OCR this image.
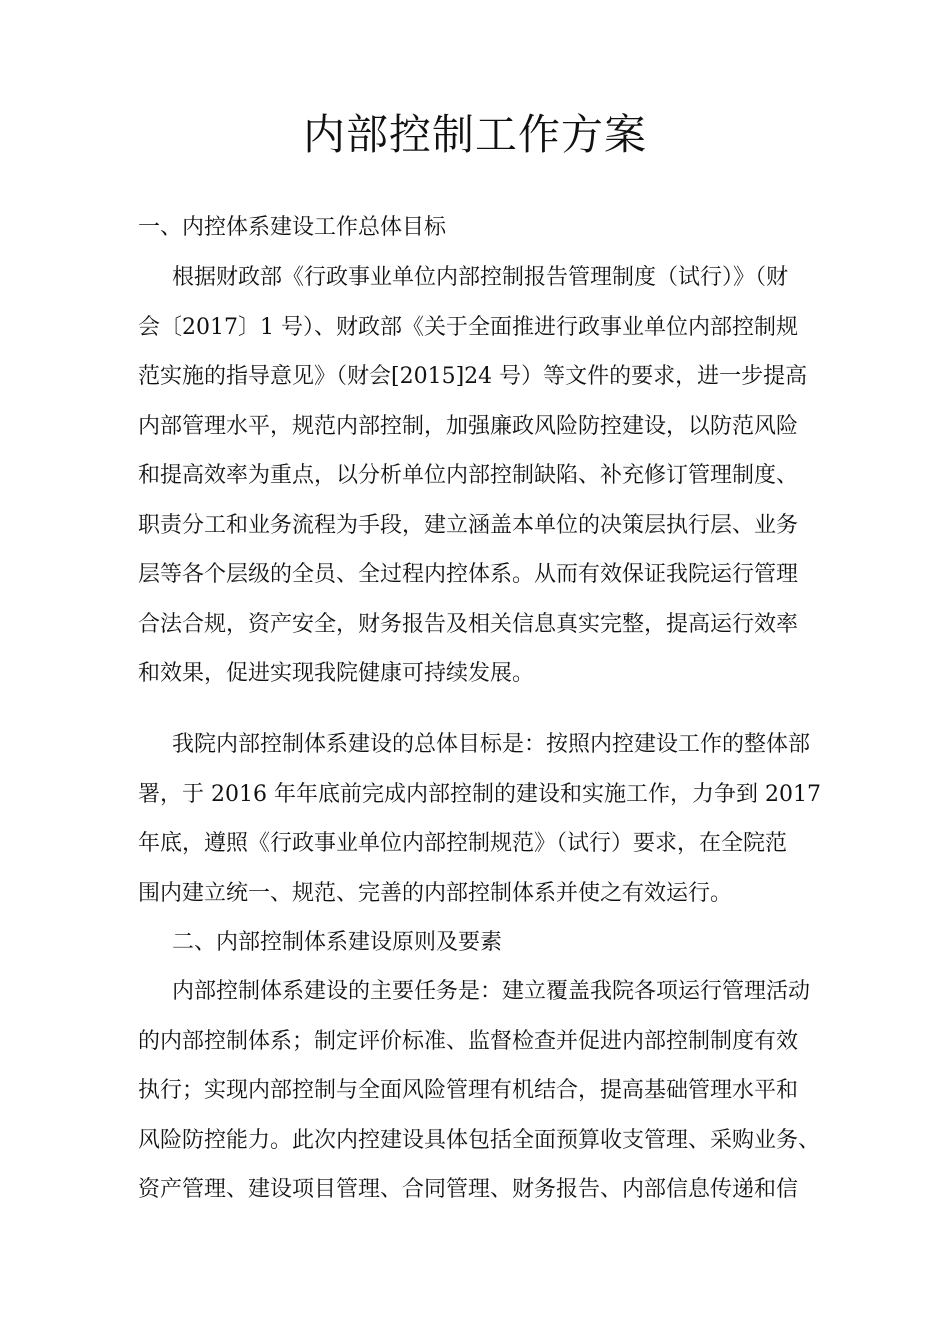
内部控制工作方案

一、内控体系建设工作总体目标

根据财政部《行政事业单位内部控制报告管理制度（试行）》（财
会〔2017〕1 号）、财政部《关于全面推进行政事业单位内部控制规
范实施的指导意见》（财会[2015]24 号）等文件的要求，进一步提高
内部管理水平，规范内部控制，加强廉政风险防控建设，以防范风险
和提高效率为重点，以分析单位内部控制缺陷、补充修订管理制度、
职责分工和业务流程为手段，建立涵盖本单位的决策层执行层、业务
层等各个层级的全员、全过程内控体系。从而有效保证我院运行管理
合法合规，资产安全，财务报告及相关信息真实完整，提高运行效率
和效果，促进实现我院健康可持续发展。
我院内部控制体系建设的总体目标是：按照内控建设工作的整体部
署，于 2016 年年底前完成内部控制的建设和实施工作，力争到 2017
年底，遵照《行政事业单位内部控制规范》（试行）要求，在全院范
围内建立统一、规范、完善的内部控制体系并使之有效运行。

二、内部控制体系建设原则及要素

内部控制体系建设的主要任务是：建立覆盖我院各项运行管理活动
的内部控制体系；制定评价标准、监督检查并促进内部控制制度有效
执行；实现内部控制与全面风险管理有机结合，提高基础管理水平和
风险防控能力。此次内控建设具体包括全面预算收支管理、采购业务、
资产管理、建设项目管理、合同管理、财务报告、内部信息传递和信
